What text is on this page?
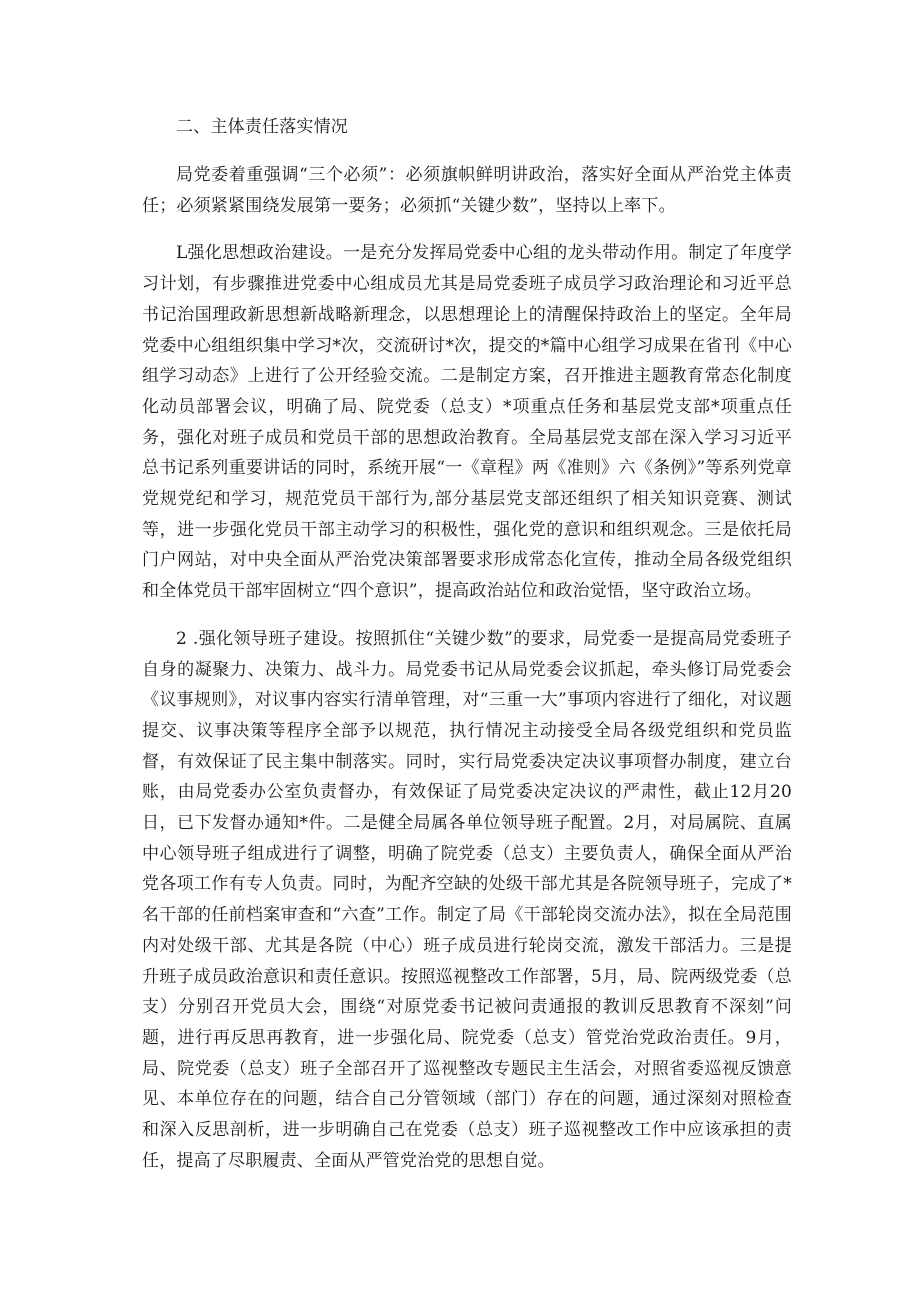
二、主体责任落实情况

局党委着重强调“三个必须”：必须旗帜鲜明讲政治，落实好全面从严治党主体责任；必须紧紧围绕发展第一要务；必须抓“关键少数”，坚持以上率下。

L强化思想政治建设。一是充分发挥局党委中心组的龙头带动作用。制定了年度学习计划，有步骤推进党委中心组成员尤其是局党委班子成员学习政治理论和习近平总书记治国理政新思想新战略新理念，以思想理论上的清醒保持政治上的坚定。全年局党委中心组组织集中学习*次，交流研讨*次，提交的*篇中心组学习成果在省刊《中心组学习动态》上进行了公开经验交流。二是制定方案，召开推进主题教育常态化制度化动员部署会议，明确了局、院党委（总支）*项重点任务和基层党支部*项重点任务，强化对班子成员和党员干部的思想政治教育。全局基层党支部在深入学习习近平总书记系列重要讲话的同时，系统开展“一《章程》两《准则》六《条例》”等系列党章党规党纪和学习，规范党员干部行为,部分基层党支部还组织了相关知识竞赛、测试等，进一步强化党员干部主动学习的积极性，强化党的意识和组织观念。三是依托局门户网站，对中央全面从严治党决策部署要求形成常态化宣传，推动全局各级党组织和全体党员干部牢固树立“四个意识”，提高政治站位和政治觉悟，坚守政治立场。

2 .强化领导班子建设。按照抓住“关键少数”的要求，局党委一是提高局党委班子自身的凝聚力、决策力、战斗力。局党委书记从局党委会议抓起，牵头修订局党委会《议事规则》，对议事内容实行清单管理，对“三重一大”事项内容进行了细化，对议题提交、议事决策等程序全部予以规范，执行情况主动接受全局各级党组织和党员监督，有效保证了民主集中制落实。同时，实行局党委决定决议事项督办制度，建立台账，由局党委办公室负责督办，有效保证了局党委决定决议的严肃性，截止12月20日，已下发督办通知*件。二是健全局属各单位领导班子配置。2月，对局属院、直属中心领导班子组成进行了调整，明确了院党委（总支）主要负责人，确保全面从严治党各项工作有专人负责。同时，为配齐空缺的处级干部尤其是各院领导班子，完成了*名干部的任前档案审查和“六查”工作。制定了局《干部轮岗交流办法》，拟在全局范围内对处级干部、尤其是各院（中心）班子成员进行轮岗交流，激发干部活力。三是提升班子成员政治意识和责任意识。按照巡视整改工作部署，5月，局、院两级党委（总支）分别召开党员大会，围绕“对原党委书记被问责通报的教训反思教育不深刻”问题，进行再反思再教育，进一步强化局、院党委（总支）管党治党政治责任。9月，局、院党委（总支）班子全部召开了巡视整改专题民主生活会，对照省委巡视反馈意见、本单位存在的问题，结合自己分管领域（部门）存在的问题，通过深刻对照检查和深入反思剖析，进一步明确自己在党委（总支）班子巡视整改工作中应该承担的责任，提高了尽职履责、全面从严管党治党的思想自觉。
